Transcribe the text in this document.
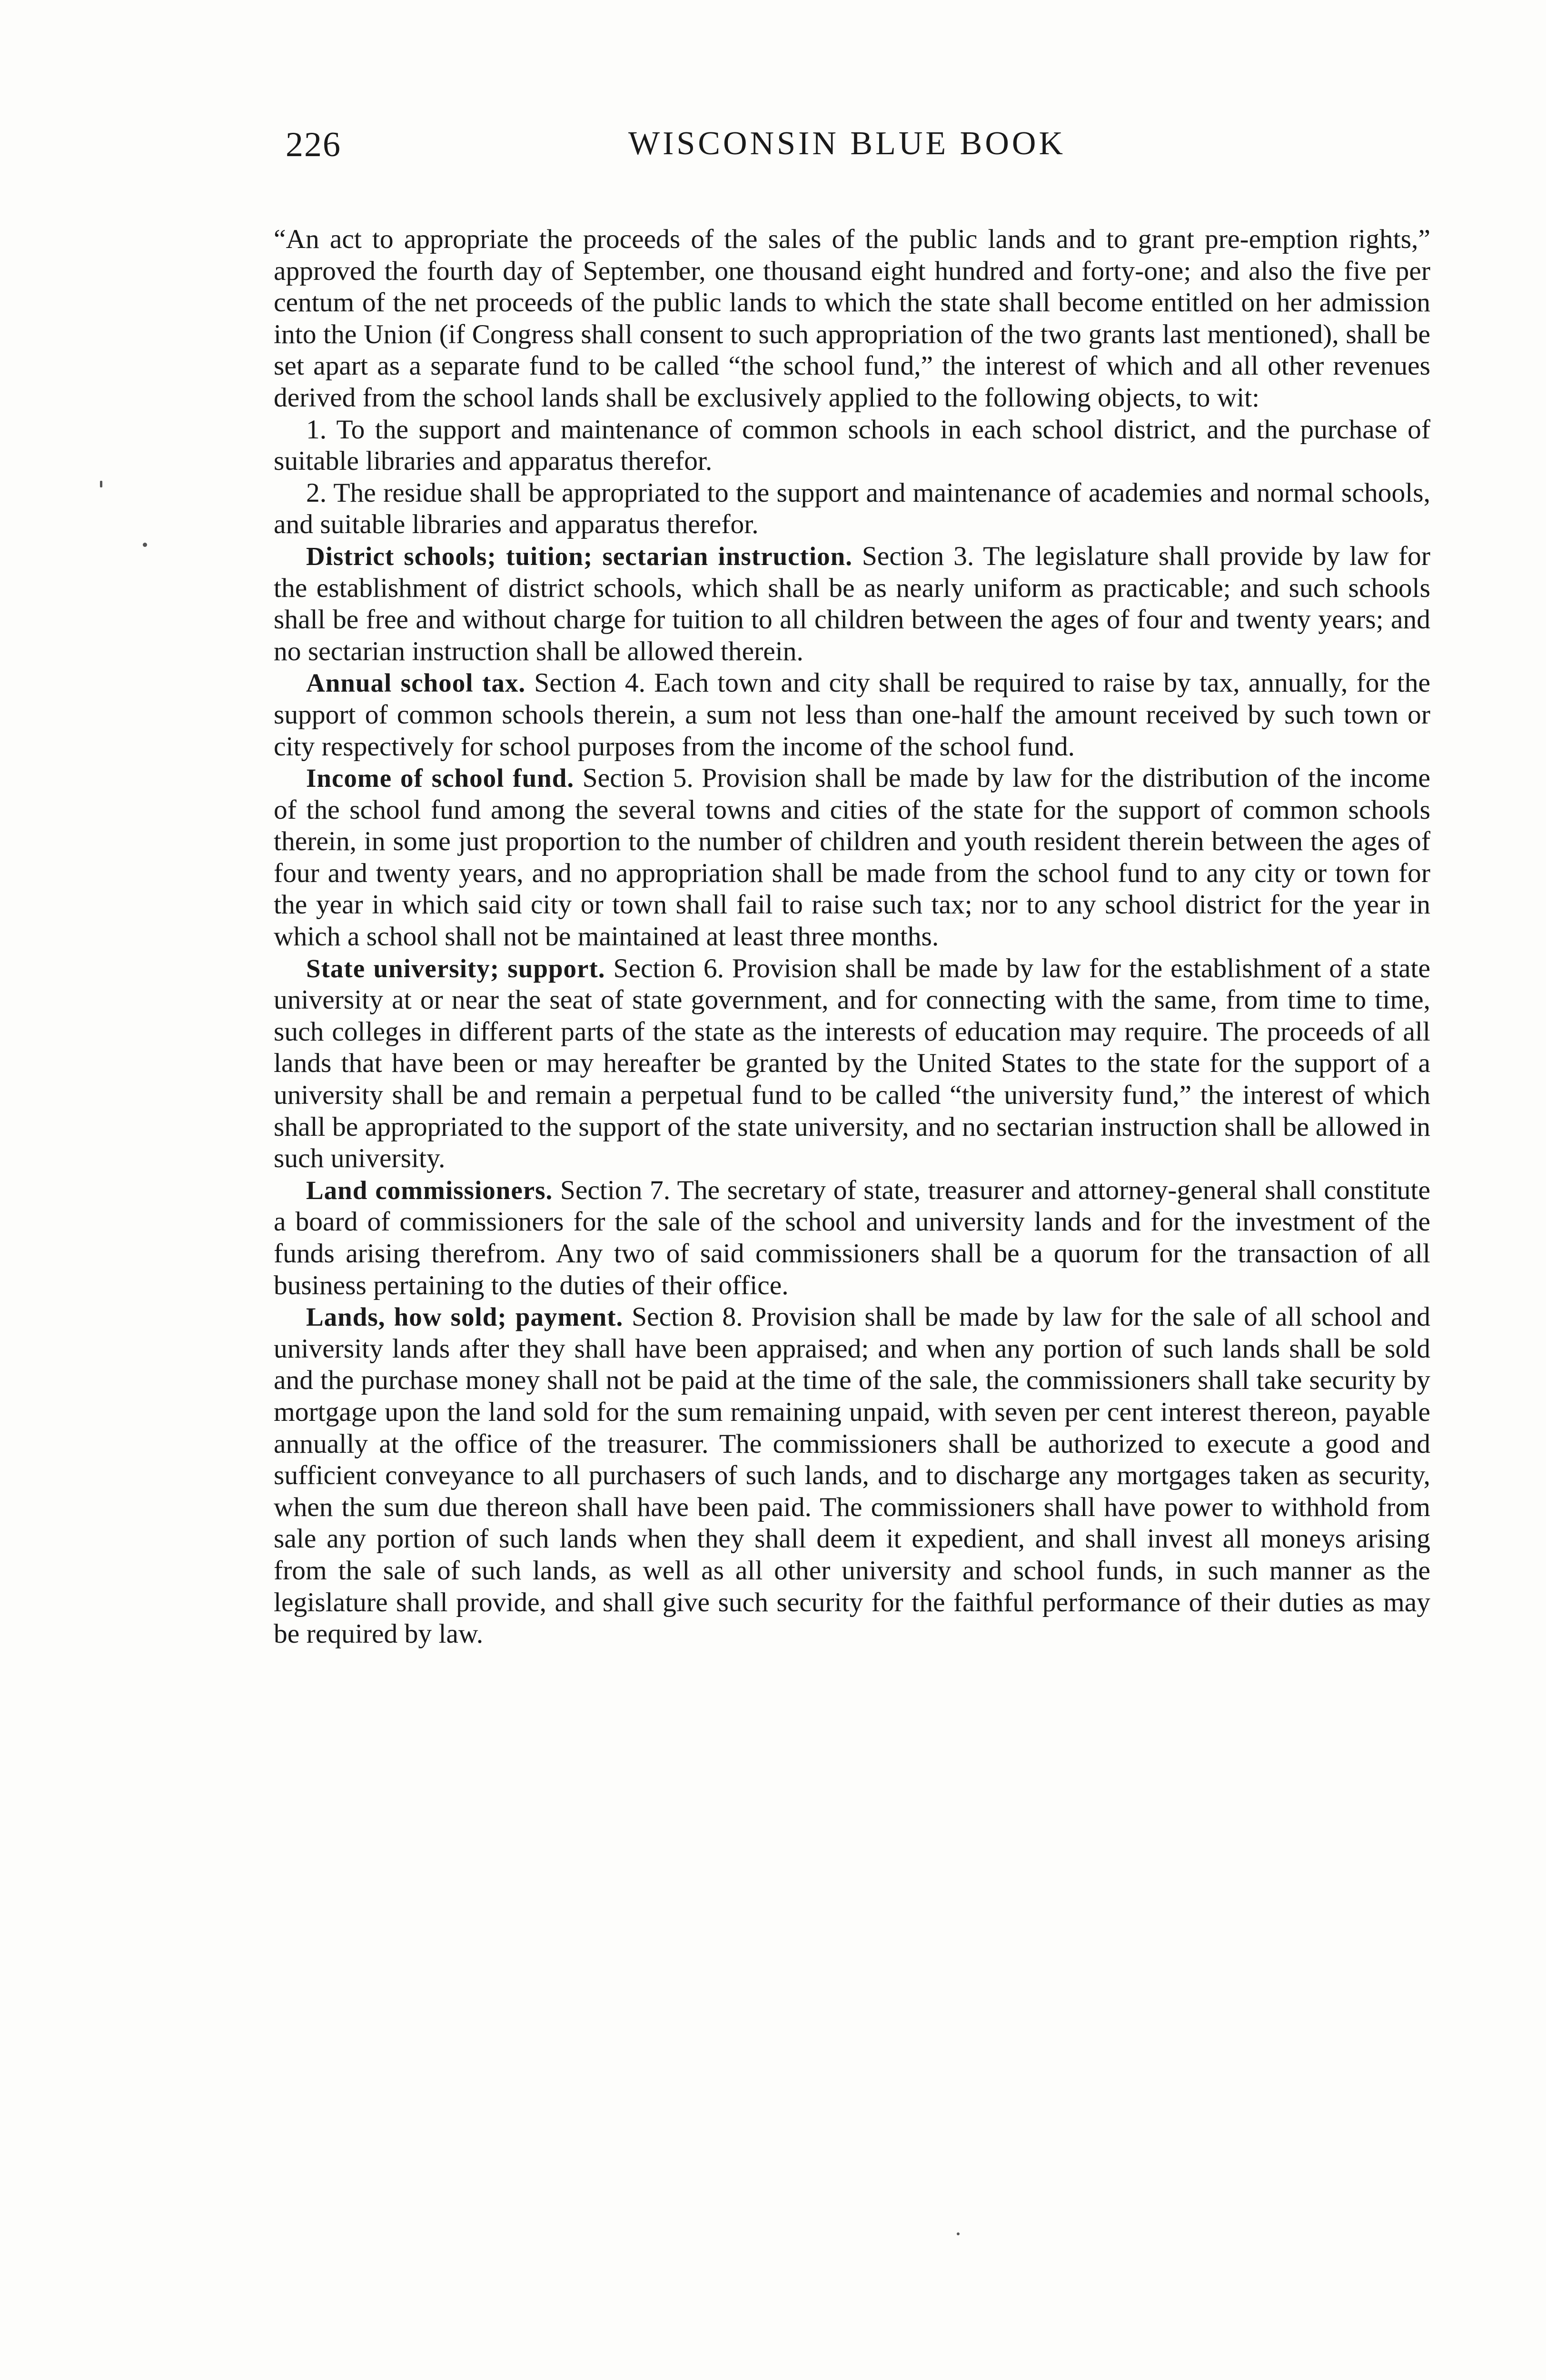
226	WISCONSIN BLUE BOOK

“An act to appropriate the proceeds of the sales of the public lands and to grant pre-emption rights,” approved the fourth day of September, one thousand eight hundred and forty-one; and also the five per centum of the net proceeds of the public lands to which the state shall become entitled on her admission into the Union (if Congress shall consent to such appropriation of the two grants last mentioned), shall be set apart as a separate fund to be called “the school fund,” the interest of which and all other revenues derived from the school lands shall be exclusively applied to the following objects, to wit:

1. To the support and maintenance of common schools in each school district, and the purchase of suitable libraries and apparatus therefor.

2. The residue shall be appropriated to the support and maintenance of academies and normal schools, and suitable libraries and apparatus therefor.

District schools; tuition; sectarian instruction. Section 3. The legislature shall provide by law for the establishment of district schools, which shall be as nearly uniform as practicable; and such schools shall be free and without charge for tuition to all children between the ages of four and twenty years; and no sectarian instruction shall be allowed therein.

Annual school tax. Section 4. Each town and city shall be required to raise by tax, annually, for the support of common schools therein, a sum not less than one-half the amount received by such town or city respectively for school purposes from the income of the school fund.

Income of school fund. Section 5. Provision shall be made by law for the distribution of the income of the school fund among the several towns and cities of the state for the support of common schools therein, in some just proportion to the number of children and youth resident therein between the ages of four and twenty years, and no appropriation shall be made from the school fund to any city or town for the year in which said city or town shall fail to raise such tax; nor to any school district for the year in which a school shall not be maintained at least three months.

State university; support. Section 6. Provision shall be made by law for the establishment of a state university at or near the seat of state government, and for connecting with the same, from time to time, such colleges in different parts of the state as the interests of education may require. The proceeds of all lands that have been or may hereafter be granted by the United States to the state for the support of a university shall be and remain a perpetual fund to be called “the university fund,” the interest of which shall be appropriated to the support of the state university, and no sectarian instruction shall be allowed in such university.

Land commissioners. Section 7. The secretary of state, treasurer and attorney-general shall constitute a board of commissioners for the sale of the school and university lands and for the investment of the funds arising therefrom. Any two of said commissioners shall be a quorum for the transaction of all business pertaining to the duties of their office.

Lands, how sold; payment. Section 8. Provision shall be made by law for the sale of all school and university lands after they shall have been appraised; and when any portion of such lands shall be sold and the purchase money shall not be paid at the time of the sale, the commissioners shall take security by mortgage upon the land sold for the sum remaining unpaid, with seven per cent interest thereon, payable annually at the office of the treasurer. The commissioners shall be authorized to execute a good and sufficient conveyance to all purchasers of such lands, and to discharge any mortgages taken as security, when the sum due thereon shall have been paid. The commissioners shall have power to withhold from sale any portion of such lands when they shall deem it expedient, and shall invest all moneys arising from the sale of such lands, as well as all other university and school funds, in such manner as the legislature shall provide, and shall give such security for the faithful performance of their duties as may be required by law.
